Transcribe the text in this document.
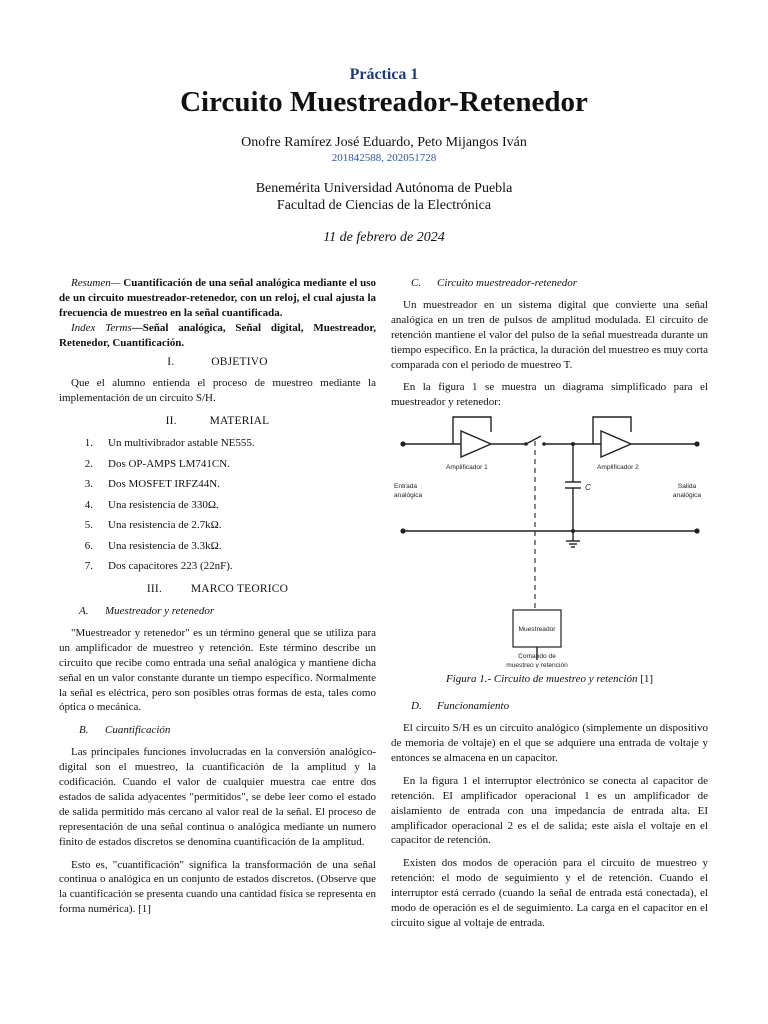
Práctica 1
Circuito Muestreador-Retenedor
Onofre Ramírez José Eduardo, Peto Mijangos Iván
201842588, 202051728
Benemérita Universidad Autónoma de Puebla
Facultad de Ciencias de la Electrónica
11 de febrero de 2024

Resumen— Cuantificación de una señal analógica mediante el uso de un circuito muestreador-retenedor, con un reloj, el cual ajusta la frecuencia de muestreo en la señal cuantificada.

Index Terms—Señal analógica, Señal digital, Muestreador, Retenedor, Cuantificación.

I.	OBJETIVO

Que el alumno entienda el proceso de muestreo mediante la implementación de un circuito S/H.

II.	MATERIAL
1.	Un multivibrador astable NE555.
2.	Dos OP-AMPS LM741CN.
3.	Dos MOSFET IRFZ44N.
4.	Una resistencia de 330Ω.
5.	Una resistencia de 2.7kΩ.
6.	Una resistencia de 3.3kΩ.
7.	Dos capacitores 223 (22nF).
III.	MARCO TEORICO
A. Muestreador y retenedor

"Muestreador y retenedor" es un término general que se utiliza para un amplificador de muestreo y retención. Este término describe un circuito que recibe como entrada una señal analógica y mantiene dicha señal en un valor constante durante un tiempo específico. Normalmente la señal es eléctrica, pero son posibles otras formas de esta, tales como óptica o mecánica.

B. Cuantificación

Las principales funciones involucradas en la conversión analógico-digital son el muestreo, la cuantificación de la amplitud y la codificación. Cuando el valor de cualquier muestra cae entre dos estados de salida adyacentes "permitidos", se debe leer como el estado de salida permitido más cercano al valor real de la señal. El proceso de representación de una señal continua o analógica mediante un numero finito de estados discretos se denomina cuantificación de la amplitud.

Esto es, "cuantificación" significa la transformación de una señal continua o analógica en un conjunto de estados discretos. (Observe que la cuantificación se presenta cuando una cantidad física se representa en forma numérica). [1]

C. Circuito muestreador-retenedor

Un muestreador en un sistema digital que convierte una señal analógica en un tren de pulsos de amplitud modulada. El circuito de retención mantiene el valor del pulso de la señal muestreada durante un tiempo específico. En la práctica, la duración del muestreo es muy corta comparada con el periodo de muestreo T.

En la figura 1 se muestra un diagrama simplificado para el muestreador y retenedor:

Amplificador 1	Amplificador 2
C
Entrada
analógica
Salida
analógica
Muestreador
Comando de
muestreo y retención
Figura 1.- Circuito de muestreo y retención [1]
D. Funcionamiento

El circuito S/H es un circuito analógico (simplemente un dispositivo de memoria de voltaje) en el que se adquiere una entrada de voltaje y entonces se almacena en un capacitor.

En la figura 1 el interruptor electrónico se conecta al capacitor de retención. EI amplificador operacional 1 es un amplificador de aislamiento de entrada con una impedancia de entrada alta. EI amplificador operacional 2 es el de salida; este aísla el voltaje en el capacitor de retención.

Existen dos modos de operación para el circuito de muestreo y retención: el modo de seguimiento y el de retención. Cuando el interruptor está cerrado (cuando la señal de entrada está conectada), el modo de operación es el de seguimiento. La carga en el capacitor en el circuito sigue al voltaje de entrada.
